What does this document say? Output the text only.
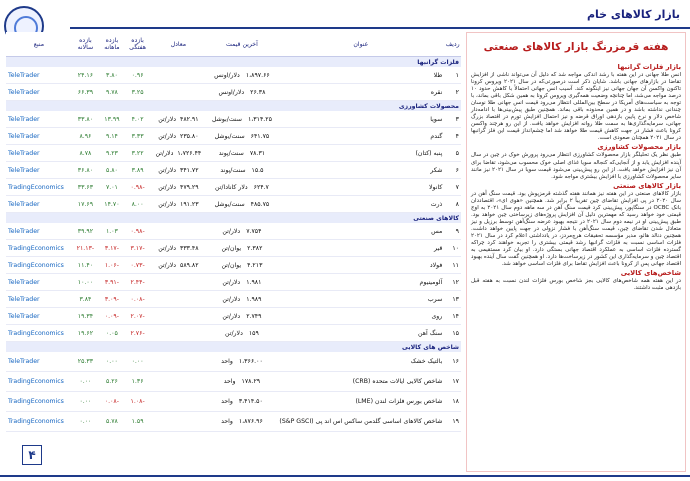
بازار کالاهای خام
ردیف	عنوان	آخرین قیمت	معادل	بازده هفتگی	بازده ماهانه	بازده سالانه	منبع
فلزات گرانبها							
۱	طلا	۱،۸۹۷.۶۶دلار/اونس		۰.۹۶	۳.۸۰	۲۴.۱۶	TeleTrader
۲	نقره	۲۶.۳۸دلار/اونس		۳.۲۵	۹.۷۸	۶۶.۳۹	TeleTrader
محصولات کشاورزی							
۳	سویا	۱،۳۱۴.۲۵سنت/بوشل	۴۸۲.۹۱دلار/تن	۴.۰۲	۱۳.۹۹	۳۳.۸۰	TeleTrader
۴	گندم	۶۴۱.۷۵سنت/بوشل	۲۳۵.۸۰دلار/تن	۳.۳۳	۹.۱۴	۸.۹۶	TeleTrader
۵	پنبه (کتان)	۷۸.۳۱سنت/پوند	۱،۷۲۶.۴۴دلار/تن	۳.۲۲	۹.۲۳	۸.۷۸	TeleTrader
۶	شکر	۱۵.۵سنت/پوند	۳۴۱.۷۲دلار/تن	۳.۸۹	۵.۸۰	۳۶.۸۰	TeleTrader
۷	کانولا	۶۲۴.۷دلار کانادا/تن	۴۷۹.۲۹دلار/تن	-۰.۹۸	۷.۰۱	۳۳.۶۳	TradingEconomics
۸	ذرت	۴۸۵.۷۵سنت/بوشل	۱۹۱.۲۳دلار/تن	۸.۰۰	۱۴.۷۰	۱۷.۶۹	TeleTrader
کالاهای صنعتی							
۹	مس	۷.۷۵۴دلار/تن		-۰.۹۸	۱.۰۳	۳۹.۹۲	TeleTrader
۱۰	قیر	۲.۳۸۲یوان/تن	۳۳۳.۴۸دلار/تن	-۳.۱۷	-۳.۱۷	-۲۱.۱۳	TradingEconomics
۱۱	فولاد	۴.۲۱۳یوان/تن	۵۸۹.۸۲دلار/تن	-۰.۷۳	-۱.۰۶	۱۱.۴۰	TradingEconomics
۱۲	آلومینیوم	۱.۹۸۱دلار/تن		-۲.۴۴	-۳.۹۱	۱۰.۰۰	TeleTrader
۱۳	سرب	۱.۹۸۹دلار/تن		-۰.۰۸	-۳.۰۹	۳.۸۴	TeleTrader
۱۴	روی	۲.۷۴۹دلار/تن		-۲.۰۷	-۰.۰۹	۱۹.۳۴	TeleTrader
۱۵	سنگ آهن	۱۵۹دلار/تن		-۲.۷۶	۰.۰۵	۱۹.۶۲	TradingEconomics
شاخص های کالایی							
۱۶	بالتیک خشک	۱،۳۶۶.۰۰واحد		۰.۰۰	۰.۰۰	۲۵.۳۳	TeleTrader
۱۷	شاخص کالایی ایالات متحده (CRB)	۱۷۸.۲۹واحد		۱.۳۶	۵.۲۶	۰.۰۰	TradingEconomics
۱۸	شاخص بورس فلزات لندن (LME)	۳،۴۱۴.۵۰واحد		-۱.۰۸	-۰.۰۸	۰.۰۰	TradingEconomics
۱۹	شاخص کالاهای اساسی گلدمن ساکس اس اند پی (S&P GSCI)	۱،۸۷۶.۹۶واحد		۱.۵۹	۵.۷۸	۰.۰۰	TradingEconomics
هفته قرمزرنگ بازار کالاهای صنعتی
بازار فلزات گرانبها
انس طلا جهانی در این هفته با رشد اندکی مواجه شد که دلیل آن می‌تواند ناشی از افزایش تقاضا در بازارهای جهانی باشد. شایان ذکر است درصورتی‌که در سال ۲۰۲۱ ویروس کرونا تاکنون واکسن آن جهان جهانی نیز اینگونه کند. آسیب انس جهانی احتمالاً با کاهش حدود ۱۰ درصد مواجه می‌شد، اما چنانچه وضعیت همه‌گیری ویروس کرونا به همین شکل باقی بماند، با توجه به سیاست‌های آمریکا در سطح بین‌المللی انتظار می‌رود قیمت انس جهانی طلا نوسان چندانی نداشته باشد و در همین محدوده باقی بماند. همچنین طبق پیش‌بینی‌ها با ادامه‌دار شاخص دلار و نرخ پایین بازدهی اوراق قرضه و نیز احتمال افزایش تورم در اقتصاد بزرگ جهانی، سرمایه‌گذاری‌ها به سمت طلا روانه افزایش خواهد یافت. از این رو هرچند واکسن کرونا باعث فشار در جهت کاهش قیمت طلا خواهد شد اما چشم‌انداز قیمت این فلز گرانبها در سال ۲۰۲۱ همچنان صعودی است.
بازار محصولات کشاورزی
طبق نظر یک تحلیلگر بازار محصولات کشاورزی انتظار می‌رود پرورش خوک در چین در سال آینده افزایش یابد و از آنجایی‌که کنجاله سویا غذای اصلی خوک محسوب می‌شود، تقاضا برای آن نیز افزایش خواهد یافت. از این رو پیش‌بینی می‌شود قیمت سویا در سال ۲۰۲۱ نیز مانند سایر محصولات کشاورزی با افزایش بیشتری مواجه شود.
بازار کالاهای صنعتی
بازار کالاهای صنعتی در این هفته نیز همانند هفته گذشته قرمزپوش بود. قیمت سنگ آهن در سال ۲۰۲۰ در پی افزایش تقاضای چین تقریباً ۲ برابر شد. همچنین «هوی ای»، اقتصاددان بانک OCBC در سنگاپور، پیش‌بینی کرد قیمت سنگ آهن در سه ماهه دوم سال ۲۰۲۱ به اوج قیمتی خود خواهد رسید که مهمترین دلیل آن افزایش پروژه‌های زیرساختی چین خواهد بود. طبق پیش‌بینی او در نیمه دوم سال ۲۰۲۱ در نتیجه بهبود عرضه سنگ‌آهن توسط برزیل و نیز متعادل شدن تقاضای چین، قیمت سنگ‌آهن با فشار نزولی در جهت پایین خواهد داشت. همچنین دنالد هائو، مدیر مؤسسه تحقیقات هرچ‌مردز، در یادداشتی اعلام کرد در سال ۲۰۲۱ فلزات اساسی نسبت به فلزات گرانبها رشد قیمتی بیشتری را تجربه خواهند کرد چراکه گسترده فلزات اساسی به عملکرد اقتصاد جهانی بستگی دارد. او بیان کرد مستقیمی به اقتصاد چین و سرمایه‌گذاری این کشور در زیرساخت‌ها دارد. او همچنین گفت سال آینده بهبود اقتصاد جهانی پس از کرونا باعث افزایش تقاضا برای فلزات اساسی خواهد شد.
شاخص‌های کالایی
در این هفته همه شاخص‌های کالایی بجز شاخص بورس فلزات لندن نسبت به هفته قبل بازدهی مثبت داشتند.
۴
